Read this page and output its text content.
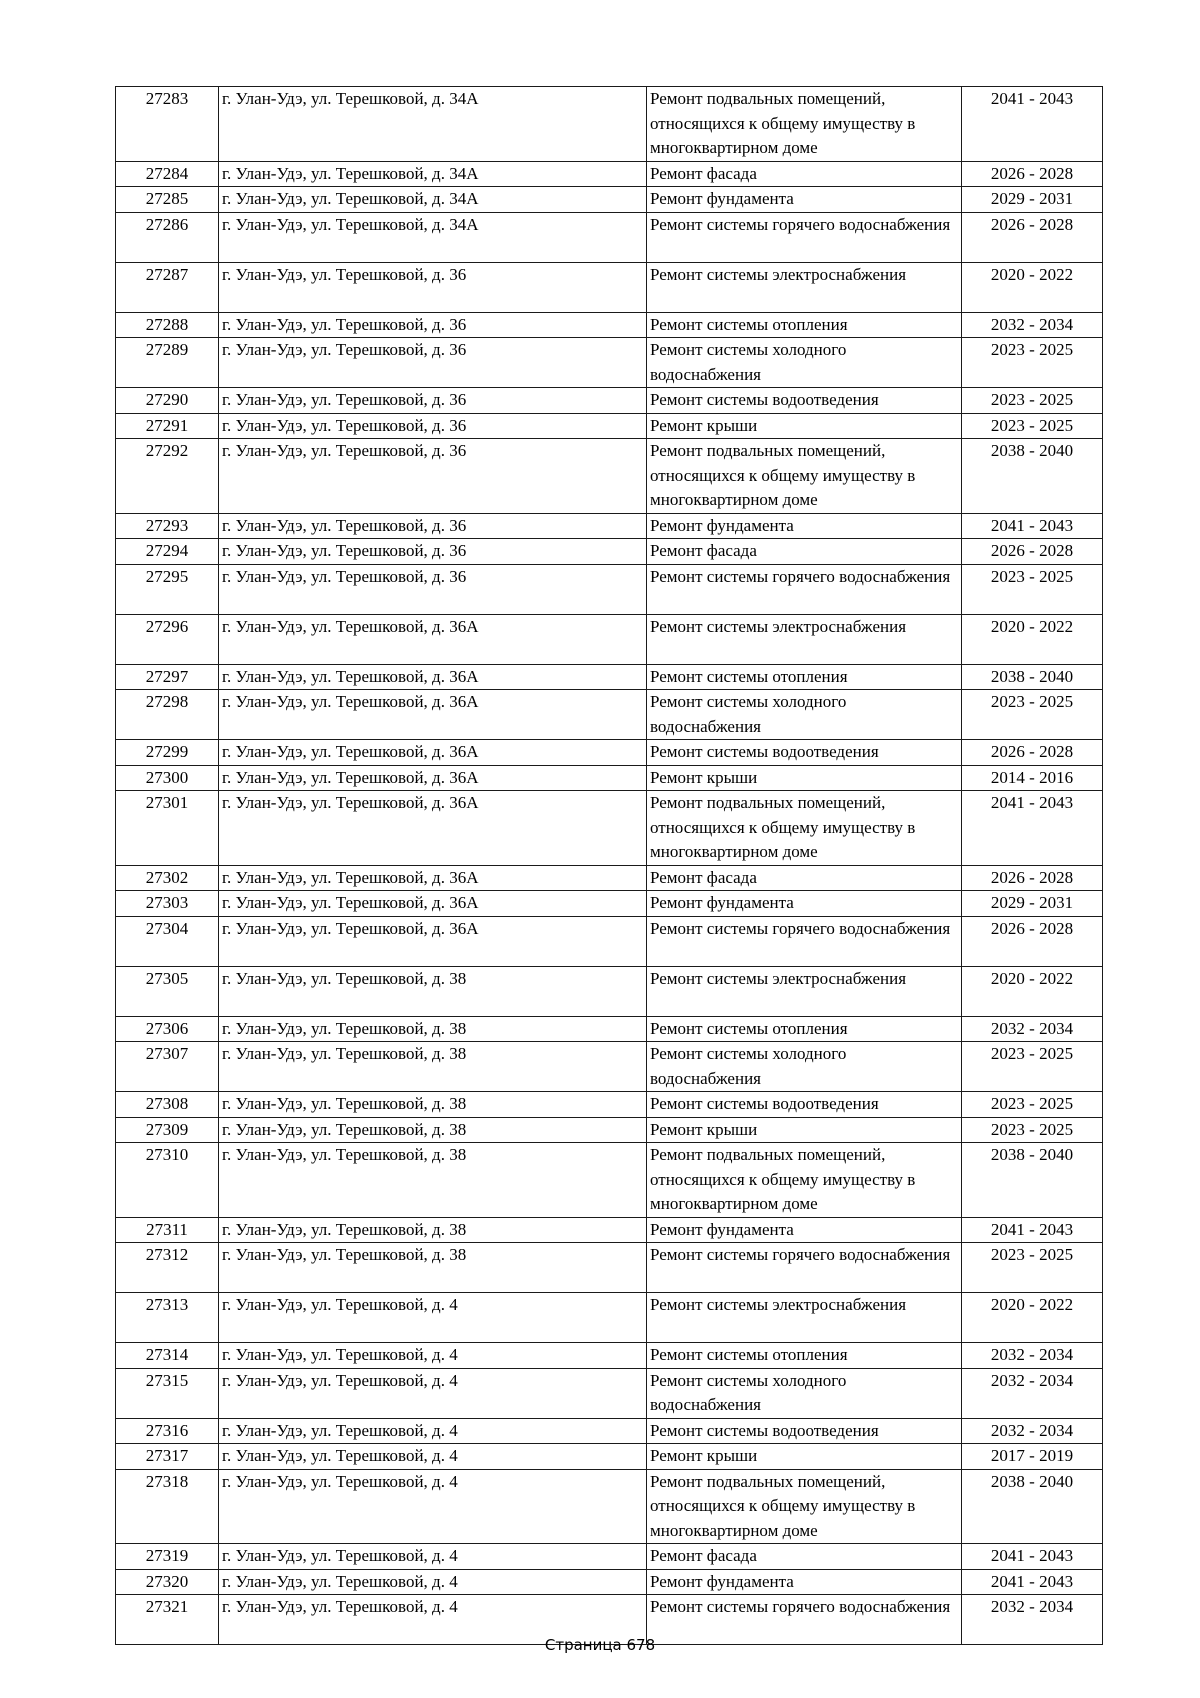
27283	г. Улан-Удэ, ул. Терешковой, д. 34А	Ремонт подвальных помещений, относящихся к общему имуществу в многоквартирном доме	2041 - 2043
27284	г. Улан-Удэ, ул. Терешковой, д. 34А	Ремонт фасада	2026 - 2028
27285	г. Улан-Удэ, ул. Терешковой, д. 34А	Ремонт фундамента	2029 - 2031
27286	г. Улан-Удэ, ул. Терешковой, д. 34А	Ремонт системы горячего водоснабжения	2026 - 2028
27287	г. Улан-Удэ, ул. Терешковой, д. 36	Ремонт системы электроснабжения	2020 - 2022
27288	г. Улан-Удэ, ул. Терешковой, д. 36	Ремонт системы отопления	2032 - 2034
27289	г. Улан-Удэ, ул. Терешковой, д. 36	Ремонт системы холодного водоснабжения	2023 - 2025
27290	г. Улан-Удэ, ул. Терешковой, д. 36	Ремонт системы водоотведения	2023 - 2025
27291	г. Улан-Удэ, ул. Терешковой, д. 36	Ремонт крыши	2023 - 2025
27292	г. Улан-Удэ, ул. Терешковой, д. 36	Ремонт подвальных помещений, относящихся к общему имуществу в многоквартирном доме	2038 - 2040
27293	г. Улан-Удэ, ул. Терешковой, д. 36	Ремонт фундамента	2041 - 2043
27294	г. Улан-Удэ, ул. Терешковой, д. 36	Ремонт фасада	2026 - 2028
27295	г. Улан-Удэ, ул. Терешковой, д. 36	Ремонт системы горячего водоснабжения	2023 - 2025
27296	г. Улан-Удэ, ул. Терешковой, д. 36А	Ремонт системы электроснабжения	2020 - 2022
27297	г. Улан-Удэ, ул. Терешковой, д. 36А	Ремонт системы отопления	2038 - 2040
27298	г. Улан-Удэ, ул. Терешковой, д. 36А	Ремонт системы холодного водоснабжения	2023 - 2025
27299	г. Улан-Удэ, ул. Терешковой, д. 36А	Ремонт системы водоотведения	2026 - 2028
27300	г. Улан-Удэ, ул. Терешковой, д. 36А	Ремонт крыши	2014 - 2016
27301	г. Улан-Удэ, ул. Терешковой, д. 36А	Ремонт подвальных помещений, относящихся к общему имуществу в многоквартирном доме	2041 - 2043
27302	г. Улан-Удэ, ул. Терешковой, д. 36А	Ремонт фасада	2026 - 2028
27303	г. Улан-Удэ, ул. Терешковой, д. 36А	Ремонт фундамента	2029 - 2031
27304	г. Улан-Удэ, ул. Терешковой, д. 36А	Ремонт системы горячего водоснабжения	2026 - 2028
27305	г. Улан-Удэ, ул. Терешковой, д. 38	Ремонт системы электроснабжения	2020 - 2022
27306	г. Улан-Удэ, ул. Терешковой, д. 38	Ремонт системы отопления	2032 - 2034
27307	г. Улан-Удэ, ул. Терешковой, д. 38	Ремонт системы холодного водоснабжения	2023 - 2025
27308	г. Улан-Удэ, ул. Терешковой, д. 38	Ремонт системы водоотведения	2023 - 2025
27309	г. Улан-Удэ, ул. Терешковой, д. 38	Ремонт крыши	2023 - 2025
27310	г. Улан-Удэ, ул. Терешковой, д. 38	Ремонт подвальных помещений, относящихся к общему имуществу в многоквартирном доме	2038 - 2040
27311	г. Улан-Удэ, ул. Терешковой, д. 38	Ремонт фундамента	2041 - 2043
27312	г. Улан-Удэ, ул. Терешковой, д. 38	Ремонт системы горячего водоснабжения	2023 - 2025
27313	г. Улан-Удэ, ул. Терешковой, д. 4	Ремонт системы электроснабжения	2020 - 2022
27314	г. Улан-Удэ, ул. Терешковой, д. 4	Ремонт системы отопления	2032 - 2034
27315	г. Улан-Удэ, ул. Терешковой, д. 4	Ремонт системы холодного водоснабжения	2032 - 2034
27316	г. Улан-Удэ, ул. Терешковой, д. 4	Ремонт системы водоотведения	2032 - 2034
27317	г. Улан-Удэ, ул. Терешковой, д. 4	Ремонт крыши	2017 - 2019
27318	г. Улан-Удэ, ул. Терешковой, д. 4	Ремонт подвальных помещений, относящихся к общему имуществу в многоквартирном доме	2038 - 2040
27319	г. Улан-Удэ, ул. Терешковой, д. 4	Ремонт фасада	2041 - 2043
27320	г. Улан-Удэ, ул. Терешковой, д. 4	Ремонт фундамента	2041 - 2043
27321	г. Улан-Удэ, ул. Терешковой, д. 4	Ремонт системы горячего водоснабжения	2032 - 2034
Страница 678
